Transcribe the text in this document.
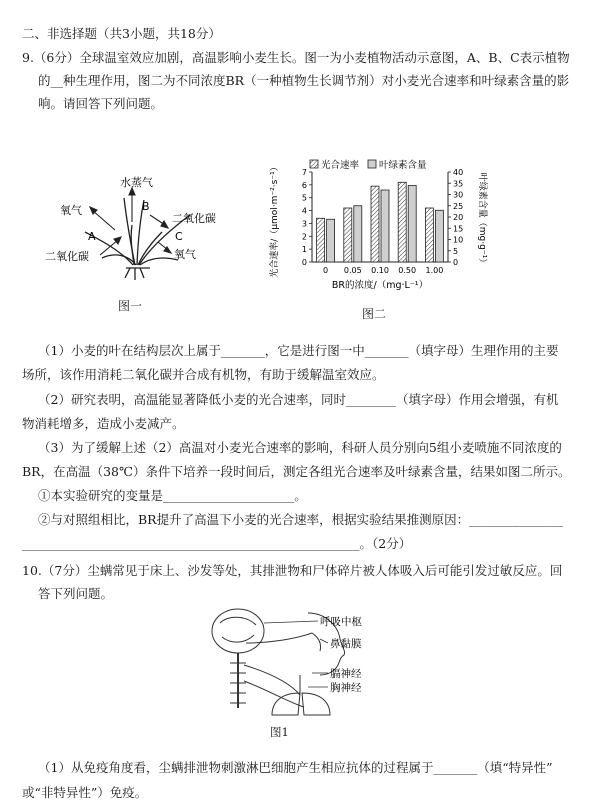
二、非选择题（共3小题，共18分）
9.（6分）全球温室效应加剧，高温影响小麦生长。图一为小麦植物活动示意图，A、B、C表示植物
的__种生理作用，图二为不同浓度BR（一种植物生长调节剂）对小麦光合速率和叶绿素含量的影
响。请回答下列问题。
水蒸气
氧气	B
二氧化碳
A	C
二氧化碳	氧气
图一
光合速率 叶绿素含量
0
1
2
3
4
5
6
7
0
5
10
15
20
25
30
35
40
0 0.05 0.10 0.50 1.00
光合速率/（μmol·m⁻²·s⁻¹）	叶绿素含量（mg·g⁻¹）
BR的浓度/（mg·L⁻¹）
图二
（1）小麦的叶在结构层次上属于_______，它是进行图一中_______（填字母）生理作用的主要
场所，该作用消耗二氧化碳并合成有机物，有助于缓解温室效应。
（2）研究表明，高温能显著降低小麦的光合速率，同时________（填字母）作用会增强，有机
物消耗增多，造成小麦减产。
（3）为了缓解上述（2）高温对小麦光合速率的影响，科研人员分别向5组小麦喷施不同浓度的
BR，在高温（38℃）条件下培养一段时间后，测定各组光合速率及叶绿素含量，结果如图二所示。
①本实验研究的变量是_____________________。
②与对照组相比，BR提升了高温下小麦的光合速率，根据实验结果推测原因：_______________
______________________________________________________。（2分）
10.（7分）尘螨常见于床上、沙发等处，其排泄物和尸体碎片被人体吸入后可能引发过敏反应。回
答下列问题。
呼吸中枢
鼻黏膜
膈神经
胸神经
图1
（1）从免疫角度看，尘螨排泄物刺激淋巴细胞产生相应抗体的过程属于_______（填“特异性”
或“非特异性”）免疫。
